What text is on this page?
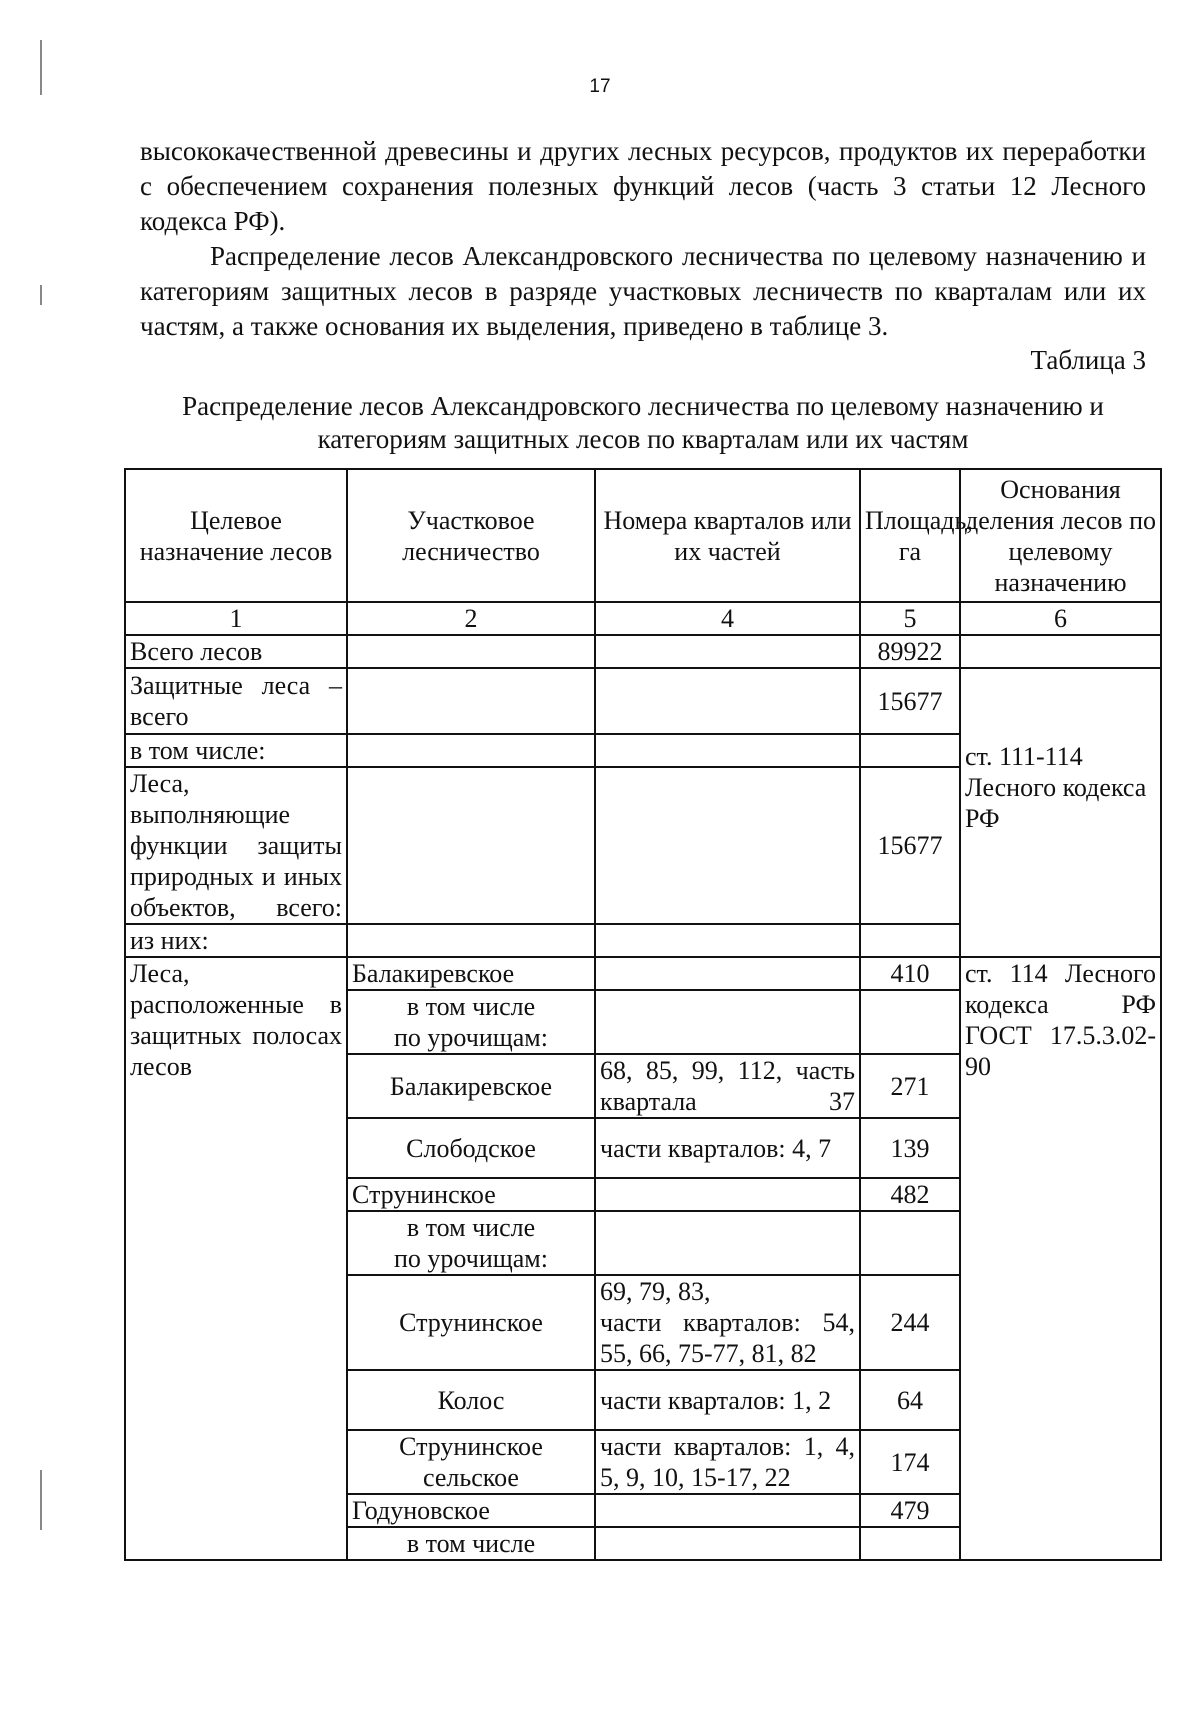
17

высококачественной древесины и других лесных ресурсов, продуктов их переработки с обеспечением сохранения полезных функций лесов (часть 3 статьи 12 Лесного кодекса РФ).

Распределение лесов Александровского лесничества по целевому назначению и категориям защитных лесов в разряде участковых лесничеств по кварталам или их частям, а также основания их выделения, приведено в таблице 3.

Таблица 3
Распределение лесов Александровского лесничества по целевому назначению и
категориям защитных лесов по кварталам или их частям
Целевое назначение лесов	Участковое лесничество	Номера кварталов или их частей	Площадь, га	Основания деления лесов по целевому назначению
1	2	4	5	6
Всего лесов			89922	
Защитные леса – всего			15677	ст. 111-114 Лесного кодекса РФ
в том числе:				
Леса, выполняющие функции защиты природных и иных объектов, всего:			15677	
из них:				
Леса, расположенные в защитных полосах лесов	Балакиревское		410	ст. 114 Лесного кодекса РФ
ГОСТ 17.5.3.02-90

	в том числе
по урочищам:			

	Балакиревское	68, 85, 99, 112, часть квартала 37	271	
	Слободское	части кварталов: 4, 7	139	
	Струнинское		482	

	в том числе
по урочищам:			

	Струнинское	69, 79, 83,
части кварталов: 54, 55, 66, 75-77, 81, 82	244	
	Колос	части кварталов: 1, 2	64	
	Струнинское сельское	части кварталов: 1, 4, 5, 9, 10, 15-17, 22	174	
	Годуновское		479	
	в том числе			
